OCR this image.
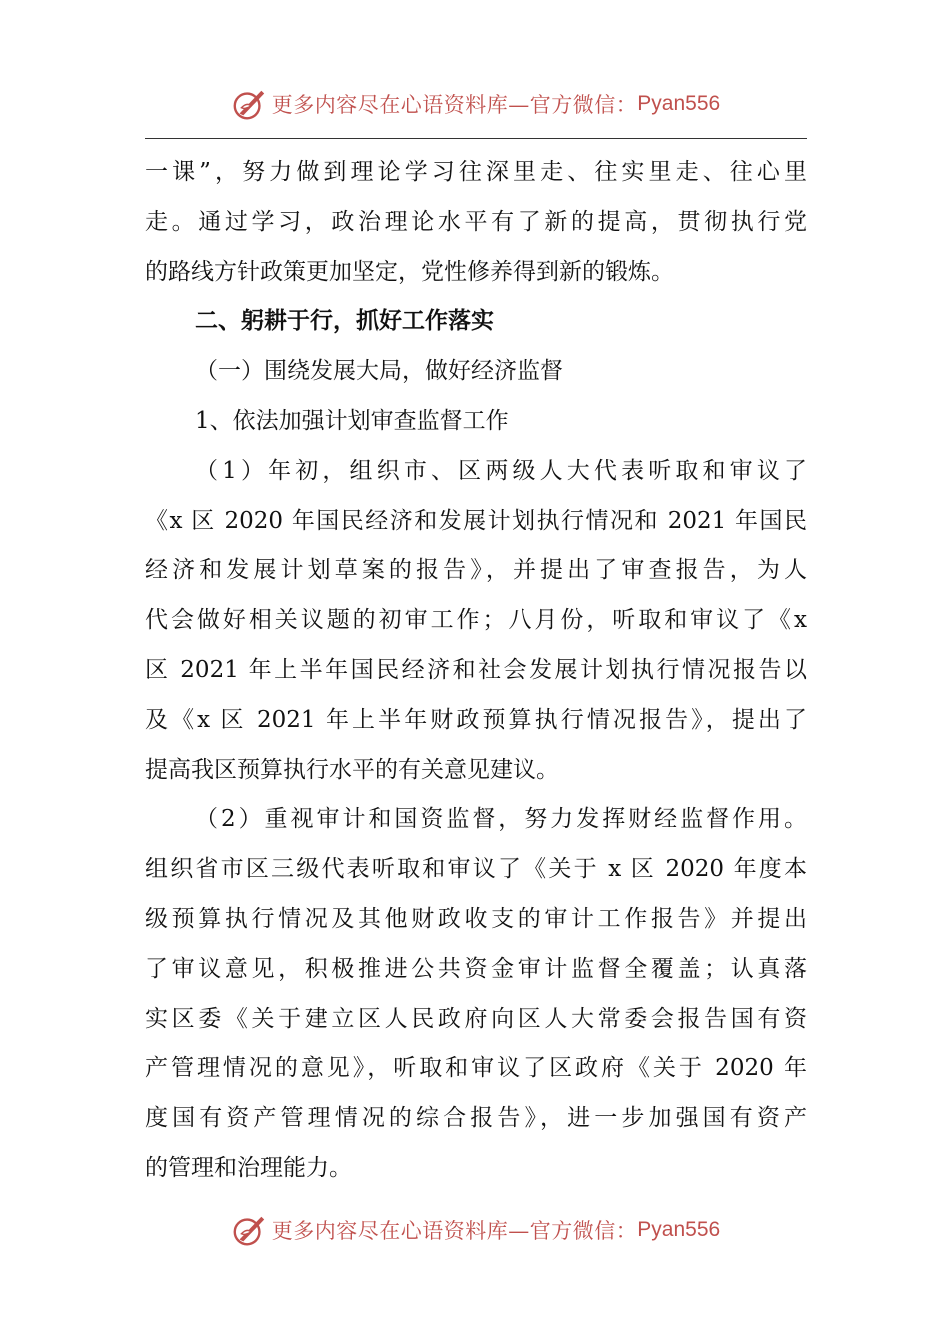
更多内容尽在心语资料库—官方微信： Pyan556
一课”，努力做到理论学习往深里走、往实里走、往心里
走。通过学习，政治理论水平有了新的提高，贯彻执行党
的路线方针政策更加坚定，党性修养得到新的锻炼。
二、躬耕于行，抓好工作落实
（一）围绕发展大局，做好经济监督
1、依法加强计划审查监督工作
（1）年初，组织市、区两级人大代表听取和审议了
《x 区 2020 年国民经济和发展计划执行情况和 2021 年国民
经济和发展计划草案的报告》，并提出了审查报告，为人
代会做好相关议题的初审工作；八月份，听取和审议了《x
区 2021 年上半年国民经济和社会发展计划执行情况报告以
及《x 区 2021 年上半年财政预算执行情况报告》，提出了
提高我区预算执行水平的有关意见建议。
（2）重视审计和国资监督，努力发挥财经监督作用。
组织省市区三级代表听取和审议了《关于 x 区 2020 年度本
级预算执行情况及其他财政收支的审计工作报告》并提出
了审议意见，积极推进公共资金审计监督全覆盖；认真落
实区委《关于建立区人民政府向区人大常委会报告国有资
产管理情况的意见》，听取和审议了区政府《关于 2020 年
度国有资产管理情况的综合报告》，进一步加强国有资产
的管理和治理能力。
更多内容尽在心语资料库—官方微信： Pyan556
